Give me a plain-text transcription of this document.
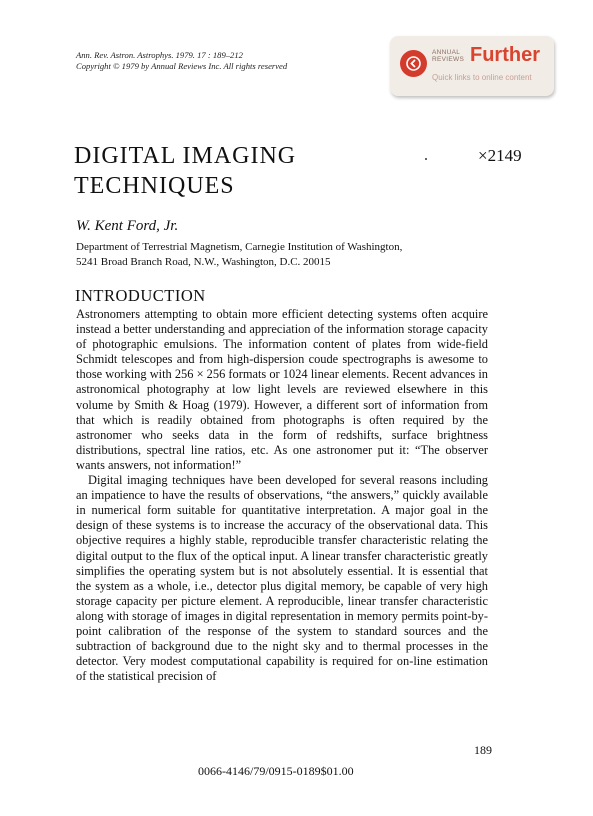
Ann. Rev. Astron. Astrophys. 1979. 17 : 189–212
Copyright © 1979 by Annual Reviews Inc. All rights reserved
ANNUAL
REVIEWS Further
Quick links to online content
DIGITAL IMAGING
TECHNIQUES
×2149
W. Kent Ford, Jr.
Department of Terrestrial Magnetism, Carnegie Institution of Washington,
5241 Broad Branch Road, N.W., Washington, D.C. 20015
INTRODUCTION

Astronomers attempting to obtain more efficient detecting systems often acquire instead a better understanding and appreciation of the information storage capacity of photographic emulsions. The information content of plates from wide-field Schmidt telescopes and from high-dispersion coude spectrographs is awesome to those working with 256 × 256 formats or 1024 linear elements. Recent advances in astronomical photography at low light levels are reviewed elsewhere in this volume by Smith & Hoag (1979). However, a different sort of information from that which is readily obtained from photographs is often required by the astronomer who seeks data in the form of redshifts, surface brightness distributions, spectral line ratios, etc. As one astronomer put it: “The observer wants answers, not information!”

Digital imaging techniques have been developed for several reasons including an impatience to have the results of observations, “the answers,” quickly available in numerical form suitable for quantitative interpretation. A major goal in the design of these systems is to increase the accuracy of the observational data. This objective requires a highly stable, reproducible transfer characteristic relating the digital output to the flux of the optical input. A linear transfer characteristic greatly simplifies the operating system but is not absolutely essential. It is essential that the system as a whole, i.e., detector plus digital memory, be capable of very high storage capacity per picture element. A reproducible, linear transfer characteristic along with storage of images in digital representation in memory permits point-by-point calibration of the response of the system to standard sources and the subtraction of background due to the night sky and to thermal processes in the detector. Very modest computational capability is required for on-line estimation of the statistical precision of

189
0066-4146/79/0915-0189$01.00
